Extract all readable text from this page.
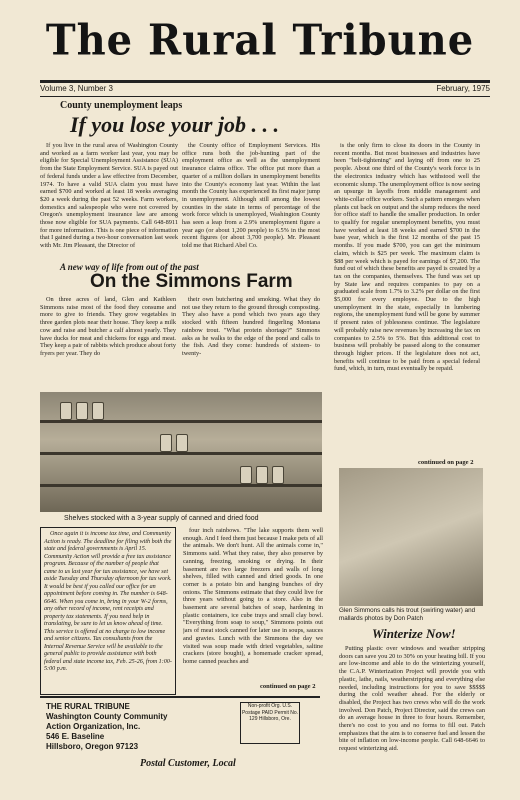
The Rural Tribune
Volume 3, Number 3	February, 1975
County unemployment leaps
If you lose your job . . .

If you live in the rural area of Washington County and worked as a farm worker last year, you may be eligible for Special Unemployment Assistance (SUA) from the State Employment Service. SUA is payed out of federal funds under a law effective from December, 1974. To have a valid SUA claim you must have earned $700 and worked at least 18 weeks averaging $20 a week during the past 52 weeks. Farm workers, domestics and salespeople who were not covered by Oregon's unemployment insurance law are among those now eligible for SUA payments. Call 648-8911 for more information. This is one piece of information that I gained during a two-hour conversation last week with Mr. Jim Pleasant, the Director of

the County office of Employment Services. His office runs both the job-hunting part of the employment office as well as the unemployment insurance claims office. The office put more than a quarter of a million dollars in unemployment benefits into the County's economy last year. Within the last month the County has experienced its first major jump in unemployment. Although still among the lowest counties in the state in terms of percentage of the work force which is unemployed, Washington County has seen a leap from a 2.9% unemployment figure a year ago (or about 1,200 people) to 6.5% in the most recent figures (or about 3,700 people). Mr. Pleasant told me that Richard Abel Co.

is the only firm to close its doors in the County in recent months. But most businesses and industries have been "belt-tightening" and laying off from one to 25 people. About one third of the County's work force is in the electronics industry which has withstood well the economic slump. The unemployment office is now seeing an upsurge in layoffs from middle management and white-collar office workers. Such a pattern emerges when plants cut back on output and the slump reduces the need for office staff to handle the smaller production. In order to qualify for regular unemployment benefits, you must have worked at least 18 weeks and earned $700 in the base year, which is the first 12 months of the past 15 months. If you made $700, you can get the minimum claim, which is $25 per week. The maximum claim is $88 per week which is payed for earnings of $7,200. The fund out of which these benefits are payed is created by a tax on the companies, themselves. The fund was set up by State law and requires companies to pay on a graduated scale from 1.7% to 3.2% per dollar on the first $5,000 for every employee. Due to the high unemployment in the state, especially in lumbering regions, the unemployment fund will be gone by summer if present rates of joblessness continue. The legislature will probably raise new revenues by increasing the tax on companies to 2.5% to 5%. But this additional cost to business will probably be passed along to the consumer through higher prices. If the legislature does not act, benefits will continue to be paid from a special federal fund, which, in turn, must eventually be repaid.

continued on page 2
A new way of life from out of the past
On the Simmons Farm

On three acres of land, Glen and Kathleen Simmons raise most of the food they consume and more to give to friends. They grow vegetables in three garden plots near their house. They keep a milk cow and raise and butcher a calf almost yearly. They have ducks for meat and chickens for eggs and meat. They keep a pair of rabbits which produce about forty fryers per year. They do

their own butchering and smoking. What they do not use they return to the ground through composting. They also have a pond which two years ago they stocked with fifteen hundred fingerling Montana rainbow trout. "What protein shortage?" Simmons asks as he walks to the edge of the pond and calls to the fish. And they come: hundreds of sixteen- to twenty-

Shelves stocked with a 3-year supply of canned and dried food

Once again it is income tax time, and Community Action is ready. The deadline for filing with both the state and federal governments is April 15. Community Action will provide a free tax assistance program. Because of the number of people that came to us last year for tax assistance, we have set aside Tuesday and Thursday afternoon for tax work. It would be best if you called our office for an appointment before coming in. The number is 648-6646. When you come in, bring in your W-2 forms, any other record of income, rent receipts and property tax statements. If you need help in translating, be sure to let us know ahead of time. This service is offered at no charge to low income and senior citizens. Tax consultants from the Internal Revenue Service will be available to the general public to provide assistance with both federal and state income tax, Feb. 25-26, from 1:00-5:00 p.m.

four inch rainbows. "The lake supports them well enough. And I feed them just because I make pets of all the animals. We don't hunt. All the animals come in," Simmons said. What they raise, they also preserve by canning, freezing, smoking or drying. In their basement are two large freezers and walls of long shelves, filled with canned and dried goods. In one corner is a potato bin and hanging bunches of dry onions. The Simmons estimate that they could live for three years without going to a store. Also in the basement are several batches of soap, hardening in plastic containers, ice cube trays and small clay bowl. "Everything from soap to soup," Simmons points out jars of meat stock canned for later use in soups, sauces and gravies. Lunch with the Simmons the day we visited was soup made with dried vegetables, saltine crackers (store bought), a homemade cracker spread, home canned peaches and

continued on page 2
Glen Simmons calls his trout (swirling water) and mallards photos by Don Patch
Winterize Now!

Putting plastic over windows and weather stripping doors can save you 20 to 30% on your heating bill. If you are low-income and able to do the winterizing yourself, the C.A.P. Winterization Project will provide you with plastic, lathe, nails, weatherstripping and everything else needed, including instructions for you to save $$$$$ during the cold weather ahead. For the elderly or disabled, the Project has two crews who will do the work involved. Don Patch, Project Director, said the crews can do an average house in three to four hours. Remember, there's no cost to you and no forms to fill out. Patch emphasizes that the aim is to conserve fuel and lessen the bite of inflation on low-income people. Call 648-6646 to request winterizing aid.

THE RURAL TRIBUNE
Washington County Community
Action Organization, Inc.
546 E. Baseline
Hillsboro, Oregon 97123
Non-profit Org. U.S. Postage PAID Permit No. 129 Hillsboro, Ore.
Postal Customer, Local
